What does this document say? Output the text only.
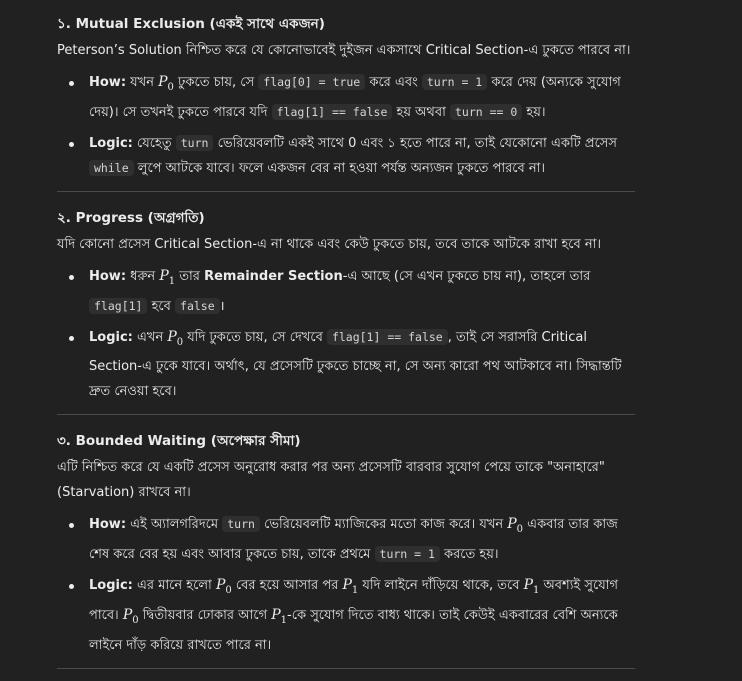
১. Mutual Exclusion (একই সাথে একজন)

Peterson’s Solution নিশ্চিত করে যে কোনোভাবেই দুইজন একসাথে Critical Section-এ ঢুকতে পারবে না।

How: যখন $P_0$ ঢুকতে চায়, সে flag[0] = true করে এবং turn = 1 করে দেয় (অন্যকে সুযোগ দেয়)। সে তখনই ঢুকতে পারবে যদি flag[1] == false হয় অথবা turn == 0 হয়।
Logic: যেহেতু turn ভেরিয়েবলটি একই সাথে 0 এবং ১ হতে পারে না, তাই যেকোনো একটি প্রসেস while লুপে আটকে যাবে। ফলে একজন বের না হওয়া পর্যন্ত অন্যজন ঢুকতে পারবে না।
২. Progress (অগ্রগতি)

যদি কোনো প্রসেস Critical Section-এ না থাকে এবং কেউ ঢুকতে চায়, তবে তাকে আটকে রাখা হবে না।

How: ধরুন $P_1$ তার Remainder Section-এ আছে (সে এখন ঢুকতে চায় না), তাহলে তার flag[1] হবে false ।
Logic: এখন $P_0$ যদি ঢুকতে চায়, সে দেখবে flag[1] == false , তাই সে সরাসরি Critical Section-এ ঢুকে যাবে। অর্থাৎ, যে প্রসেসটি ঢুকতে চাচ্ছে না, সে অন্য কারো পথ আটকাবে না। সিদ্ধান্তটি দ্রুত নেওয়া হবে।
৩. Bounded Waiting (অপেক্ষার সীমা)

এটি নিশ্চিত করে যে একটি প্রসেস অনুরোধ করার পর অন্য প্রসেসটি বারবার সুযোগ পেয়ে তাকে "অনাহারে" (Starvation) রাখবে না।

How: এই অ্যালগরিদমে turn ভেরিয়েবলটি ম্যাজিকের মতো কাজ করে। যখন $P_0$ একবার তার কাজ শেষ করে বের হয় এবং আবার ঢুকতে চায়, তাকে প্রথমে turn = 1 করতে হয়।
Logic: এর মানে হলো $P_0$ বের হয়ে আসার পর $P_1$ যদি লাইনে দাঁড়িয়ে থাকে, তবে $P_1$ অবশ্যই সুযোগ পাবে। $P_0$ দ্বিতীয়বার ঢোকার আগে $P_1-কে$ সুযোগ দিতে বাধ্য থাকে। তাই কেউই একবারের বেশি অন্যকে লাইনে দাঁড় করিয়ে রাখতে পারে না।
